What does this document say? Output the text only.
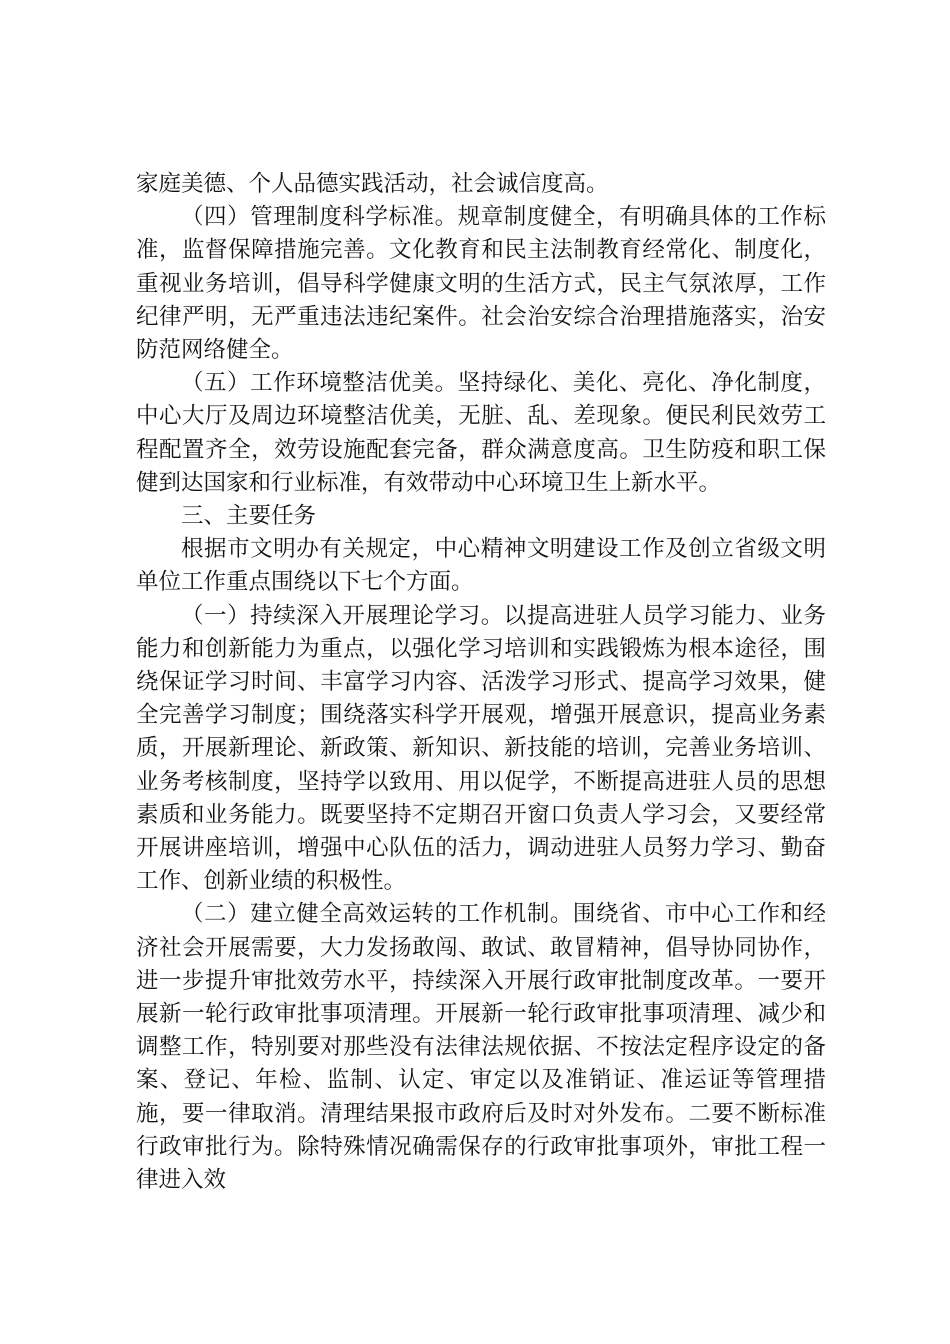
家庭美德、个人品德实践活动，社会诚信度高。

（四）管理制度科学标准。规章制度健全，有明确具体的工作标准，监督保障措施完善。文化教育和民主法制教育经常化、制度化，重视业务培训，倡导科学健康文明的生活方式，民主气氛浓厚，工作纪律严明，无严重违法违纪案件。社会治安综合治理措施落实，治安防范网络健全。

（五）工作环境整洁优美。坚持绿化、美化、亮化、净化制度，中心大厅及周边环境整洁优美，无脏、乱、差现象。便民利民效劳工程配置齐全，效劳设施配套完备，群众满意度高。卫生防疫和职工保健到达国家和行业标准，有效带动中心环境卫生上新水平。

三、主要任务

根据市文明办有关规定，中心精神文明建设工作及创立省级文明单位工作重点围绕以下七个方面。

（一）持续深入开展理论学习。以提高进驻人员学习能力、业务能力和创新能力为重点，以强化学习培训和实践锻炼为根本途径，围绕保证学习时间、丰富学习内容、活泼学习形式、提高学习效果，健全完善学习制度；围绕落实科学开展观，增强开展意识，提高业务素质，开展新理论、新政策、新知识、新技能的培训，完善业务培训、业务考核制度，坚持学以致用、用以促学，不断提高进驻人员的思想素质和业务能力。既要坚持不定期召开窗口负责人学习会，又要经常开展讲座培训，增强中心队伍的活力，调动进驻人员努力学习、勤奋工作、创新业绩的积极性。

（二）建立健全高效运转的工作机制。围绕省、市中心工作和经济社会开展需要，大力发扬敢闯、敢试、敢冒精神，倡导协同协作，进一步提升审批效劳水平，持续深入开展行政审批制度改革。一要开展新一轮行政审批事项清理。开展新一轮行政审批事项清理、减少和调整工作，特别要对那些没有法律法规依据、不按法定程序设定的备案、登记、年检、监制、认定、审定以及准销证、准运证等管理措施，要一律取消。清理结果报市政府后及时对外发布。二要不断标准行政审批行为。除特殊情况确需保存的行政审批事项外，审批工程一律进入效
